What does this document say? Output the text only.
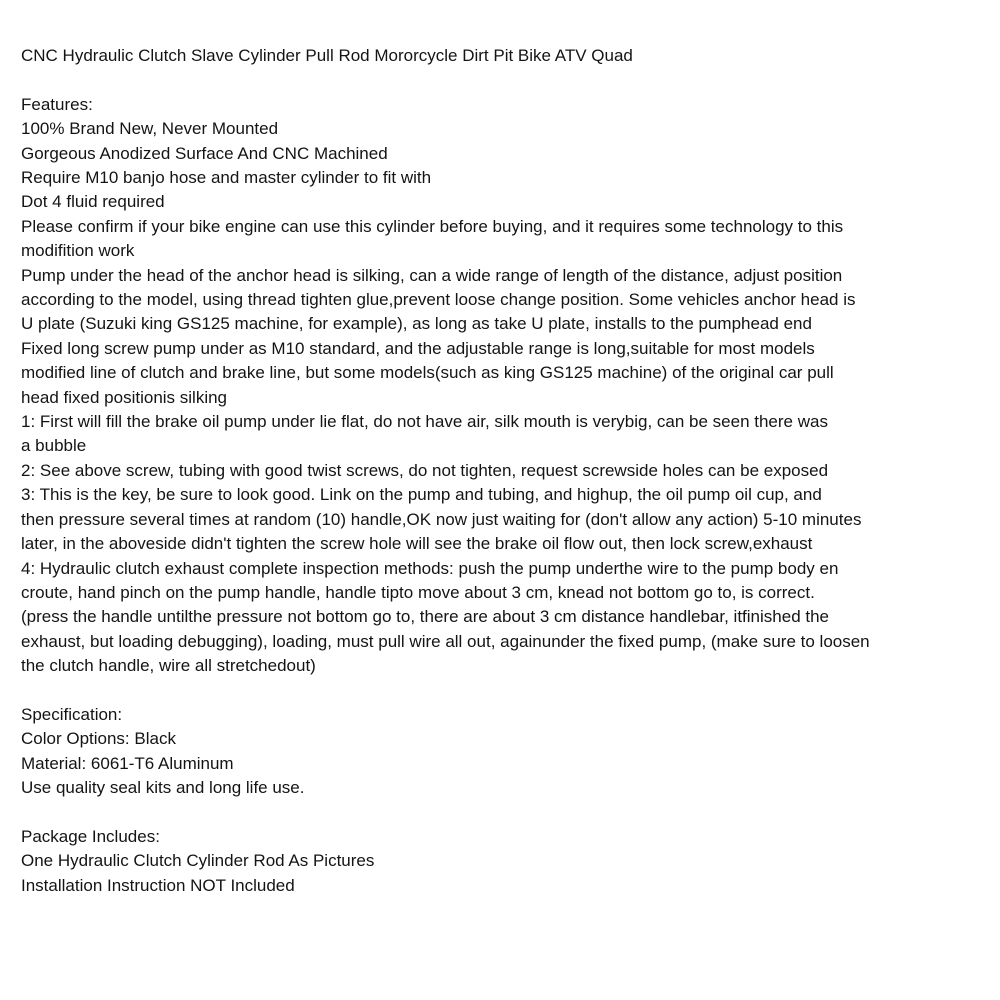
CNC Hydraulic Clutch Slave Cylinder Pull Rod Mororcycle Dirt Pit Bike ATV Quad
Features:
100% Brand New, Never Mounted
Gorgeous Anodized Surface And CNC Machined
Require M10 banjo hose and master cylinder to fit with
Dot 4 fluid required
Please confirm if your bike engine can use this cylinder before buying, and it requires some technology to this
modifition work
Pump under the head of the anchor head is silking, can a wide range of length of the distance, adjust position
according to the model, using thread tighten glue,prevent loose change position. Some vehicles anchor head is
U plate (Suzuki king GS125 machine, for example), as long as take U plate, installs to the pumphead end
Fixed long screw pump under as M10 standard, and the adjustable range is long,suitable for most models
modified line of clutch and brake line, but some models(such as king GS125 machine) of the original car pull
head fixed positionis silking
1: First will fill the brake oil pump under lie flat, do not have air, silk mouth is verybig, can be seen there was
a bubble
2: See above screw, tubing with good twist screws, do not tighten, request screwside holes can be exposed
3: This is the key, be sure to look good. Link on the pump and tubing, and highup, the oil pump oil cup, and
then pressure several times at random (10) handle,OK now just waiting for (don't allow any action) 5-10 minutes
later, in the aboveside didn't tighten the screw hole will see the brake oil flow out, then lock screw,exhaust
4: Hydraulic clutch exhaust complete inspection methods: push the pump underthe wire to the pump body en
croute, hand pinch on the pump handle, handle tipto move about 3 cm, knead not bottom go to, is correct.
(press the handle untilthe pressure not bottom go to, there are about 3 cm distance handlebar, itfinished the
exhaust, but loading debugging), loading, must pull wire all out, againunder the fixed pump, (make sure to loosen
the clutch handle, wire all stretchedout)
Specification:
Color Options: Black
Material: 6061-T6 Aluminum
Use quality seal kits and long life use.
Package Includes:
One Hydraulic Clutch Cylinder Rod As Pictures
Installation Instruction NOT Included
